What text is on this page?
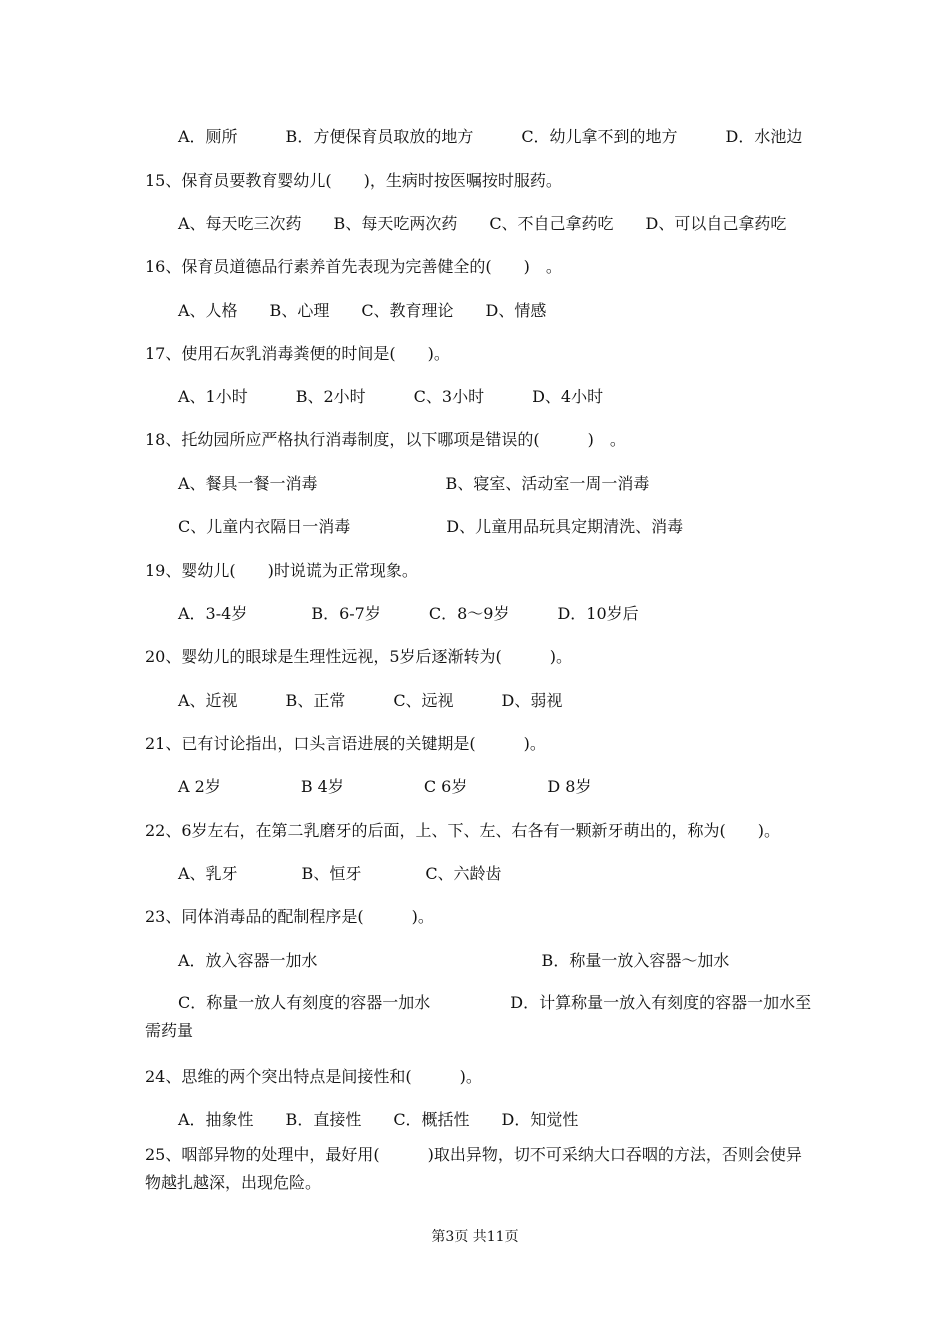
第3页 共11页
A．厕所　　　B．方便保育员取放的地方　　　C．幼儿拿不到的地方　　　D．水池边
15、保育员要教育婴幼儿(　　)，生病时按医嘱按时服药。
A、每天吃三次药　　B、每天吃两次药　　C、不自己拿药吃　　D、可以自己拿药吃
16、保育员道德品行素养首先表现为完善健全的(　　)　。
A、人格　　B、心理　　C、教育理论　　D、情感
17、使用石灰乳消毒粪便的时间是(　　)。
A、1小时　　　B、2小时　　　C、3小时　　　D、4小时
18、托幼园所应严格执行消毒制度，以下哪项是错误的(　　　)　。
A、餐具一餐一消毒　　　　　　　　B、寝室、活动室一周一消毒
C、儿童内衣隔日一消毒　　　　　　D、儿童用品玩具定期清洗、消毒
19、婴幼儿(　　)时说谎为正常现象。
A．3-4岁　　　　B．6-7岁　　　C．8～9岁　　　D．10岁后
20、婴幼儿的眼球是生理性远视，5岁后逐渐转为(　　　)。
A、近视　　　B、正常　　　C、远视　　　D、弱视
21、已有讨论指出，口头言语进展的关键期是(　　　)。
A 2岁　　　　　B 4岁　　　　　C 6岁　　　　　D 8岁
22、6岁左右，在第二乳磨牙的后面，上、下、左、右各有一颗新牙萌出的，称为(　　)。
A、乳牙　　　　B、恒牙　　　　C、六龄齿
23、同体消毒品的配制程序是(　　　)。
A．放入容器一加水　　　　　　　　　　　　　　B．称量一放入容器～加水
24、思维的两个突出特点是间接性和(　　　)。
A．抽象性　　B．直接性　　C．概括性　　D．知觉性
C．称量一放人有刻度的容器一加水　　　　　D．计算称量一放入有刻度的容器一加水至需药量
25、咽部异物的处理中，最好用(　　　)取出异物，切不可采纳大口吞咽的方法，否则会使异物越扎越深，出现危险。
